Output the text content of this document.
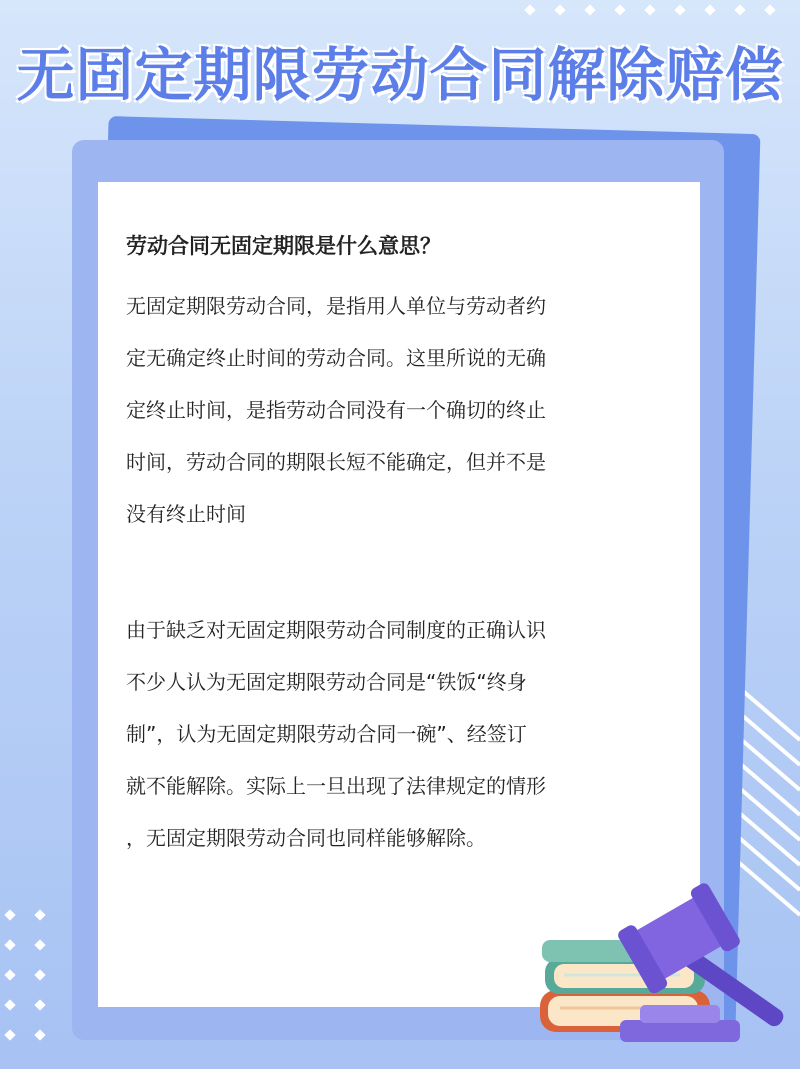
无固定期限劳动合同解除赔偿
劳动合同无固定期限是什么意思？

无固定期限劳动合同，是指用人单位与劳动者约
定无确定终止时间的劳动合同。这里所说的无确
定终止时间，是指劳动合同没有一个确切的终止
时间，劳动合同的期限长短不能确定，但并不是
没有终止时间

由于缺乏对无固定期限劳动合同制度的正确认识
不少人认为无固定期限劳动合同是“铁饭“终身
制”，认为无固定期限劳动合同一碗”、经签订
就不能解除。实际上一旦出现了法律规定的情形
，无固定期限劳动合同也同样能够解除。
